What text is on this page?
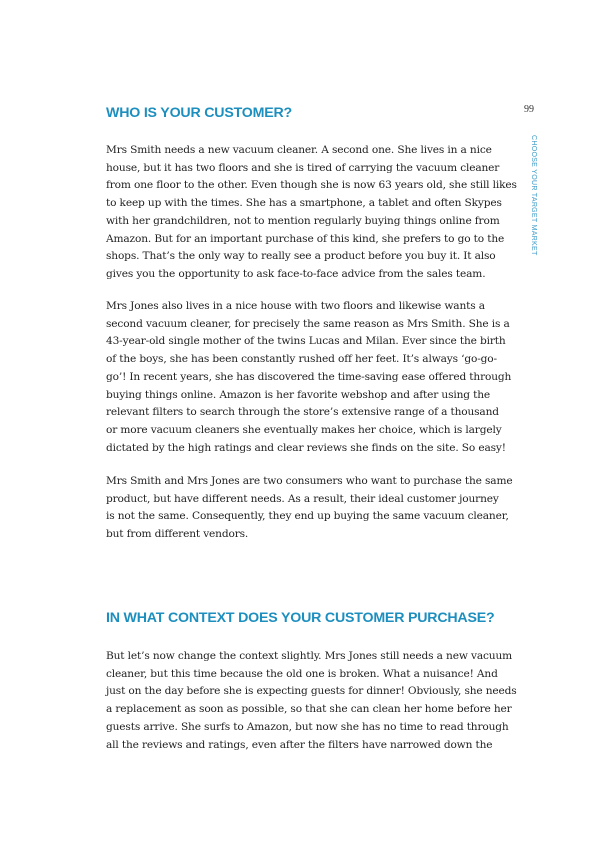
99
CHOOSE YOUR TARGET MARKET
WHO IS YOUR CUSTOMER?
Mrs Smith needs a new vacuum cleaner. A second one. She lives in a nice
house, but it has two floors and she is tired of carrying the vacuum cleaner
from one floor to the other. Even though she is now 63 years old, she still likes
to keep up with the times. She has a smartphone, a tablet and often Skypes
with her grandchildren, not to mention regularly buying things online from
Amazon. But for an important purchase of this kind, she prefers to go to the
shops. That’s the only way to really see a product before you buy it. It also
gives you the opportunity to ask face-to-face advice from the sales team.
Mrs Jones also lives in a nice house with two floors and likewise wants a
second vacuum cleaner, for precisely the same reason as Mrs Smith. She is a
43-year-old single mother of the twins Lucas and Milan. Ever since the birth
of the boys, she has been constantly rushed off her feet. It’s always ‘go-go-
go’! In recent years, she has discovered the time-saving ease offered through
buying things online. Amazon is her favorite webshop and after using the
relevant filters to search through the store’s extensive range of a thousand
or more vacuum cleaners she eventually makes her choice, which is largely
dictated by the high ratings and clear reviews she finds on the site. So easy!
Mrs Smith and Mrs Jones are two consumers who want to purchase the same
product, but have different needs. As a result, their ideal customer journey
is not the same. Consequently, they end up buying the same vacuum cleaner,
but from different vendors.
IN WHAT CONTEXT DOES YOUR CUSTOMER PURCHASE?
But let’s now change the context slightly. Mrs Jones still needs a new vacuum
cleaner, but this time because the old one is broken. What a nuisance! And
just on the day before she is expecting guests for dinner! Obviously, she needs
a replacement as soon as possible, so that she can clean her home before her
guests arrive. She surfs to Amazon, but now she has no time to read through
all the reviews and ratings, even after the filters have narrowed down the
